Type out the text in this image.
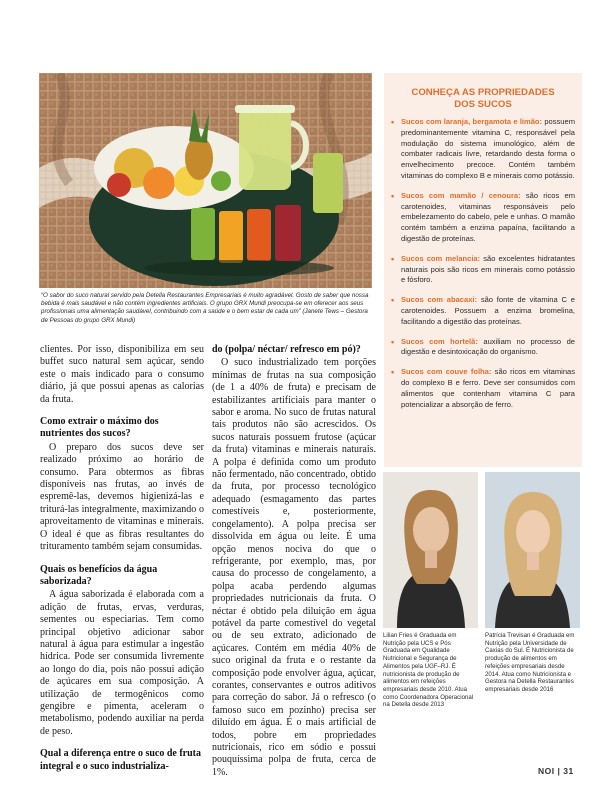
“O sabor do suco natural servido pela Detella Restaurantes Empresariais é muito agradável. Gosto de saber que nossa bebida é mais saudável e não contém ingredientes artificiais. O grupo GRX Mundi preocupa-se em oferecer aos seus profissionais uma alimentação saudável, contribuindo com a saúde e o bem estar de cada um” (Janete Tews – Gestora de Pessoas do grupo GRX Mundi)

clientes. Por isso, disponibiliza em seu buffet suco natural sem açúcar, sendo este o mais indicado para o consumo diário, já que possui apenas as calorias da fruta.

Como extrair o máximo dos nutrientes dos sucos?

O preparo dos sucos deve ser realizado próximo ao horário de consumo. Para obtermos as fibras disponíveis nas frutas, ao invés de espremê-las, devemos higienizá-las e triturá-las integralmente, maximizando o aproveitamento de vitaminas e minerais. O ideal é que as fibras resultantes do trituramento também sejam consumidas.

Quais os benefícios da água saborizada?

A água saborizada é elaborada com a adição de frutas, ervas, verduras, sementes ou especiarias. Tem como principal objetivo adicionar sabor natural à água para estimular a ingestão hídrica. Pode ser consumida livremente ao longo do dia, pois não possui adição de açúcares em sua composição. A utilização de termogênicos como gengibre e pimenta, aceleram o metabolismo, podendo auxiliar na perda de peso.

Qual a diferença entre o suco de fruta integral e o suco industrializa-
do (polpa/ néctar/ refresco em pó)?

O suco industrializado tem porções mínimas de frutas na sua composição (de 1 a 40% de fruta) e precisam de estabilizantes artificiais para manter o sabor e aroma. No suco de frutas natural tais produtos não são acrescidos. Os sucos naturais possuem frutose (açúcar da fruta) vitaminas e minerais naturais. A polpa é definida como um produto não fermentado, não concentrado, obtido da fruta, por processo tecnológico adequado (esmagamento das partes comestíveis e, posteriormente, congelamento). A polpa precisa ser dissolvida em água ou leite. É uma opção menos nociva do que o refrigerante, por exemplo, mas, por causa do processo de congelamento, a polpa acaba perdendo algumas propriedades nutricionais da fruta. O néctar é obtido pela diluição em água potável da parte comestível do vegetal ou de seu extrato, adicionado de açúcares. Contém em média 40% de suco original da fruta e o restante da composição pode envolver água, açúcar, corantes, conservantes e outros aditivos para correção do sabor. Já o refresco (o famoso suco em pozinho) precisa ser diluído em água. É o mais artificial de todos, pobre em propriedades nutricionais, rico em sódio e possui pouquíssima polpa de fruta, cerca de 1%.

CONHEÇA AS PROPRIEDADES
DOS SUCOS
• Sucos com laranja, bergamota e limão: possuem predominantemente vitamina C, responsável pela modulação do sistema imunológico, além de combater radicais livre, retardando desta forma o envelhecimento precoce. Contém também vitaminas do complexo B e minerais como potássio.
• Sucos com mamão / cenoura: são ricos em carotenoides, vitaminas responsáveis pelo embelezamento do cabelo, pele e unhas. O mamão contém também a enzima papaína, facilitando a digestão de proteínas.
• Sucos com melancia: são excelentes hidratantes naturais pois são ricos em minerais como potássio e fósforo.
• Sucos com abacaxi: são fonte de vitamina C e carotenoides. Possuem a enzima bromelina, facilitando a digestão das proteínas.
• Sucos com hortelã: auxiliam no processo de digestão e desintoxicação do organismo.
• Sucos com couve folha: são ricos em vitaminas do complexo B e ferro. Deve ser consumidos com alimentos que contenham vitamina C para potencializar a absorção de ferro.
Lilian Fries é Graduada em Nutrição pela UCS e Pós Graduada em Qualidade Nutricional e Segurança de Alimentos pela UGF–RJ. É nutricionista de produção de alimentos em refeições empresariais desde 2010. Atua como Coordenadora Operacional na Detella desde 2013
Patrícia Trevisan é Graduada em Nutrição pela Universidade de Caxias do Sul. É Nutricionista de produção de alimentos em refeições empresariais desde 2014. Atua como Nutricionista e Gestora na Detella Restaurantes empresariais desde 2016
NOI | 31
